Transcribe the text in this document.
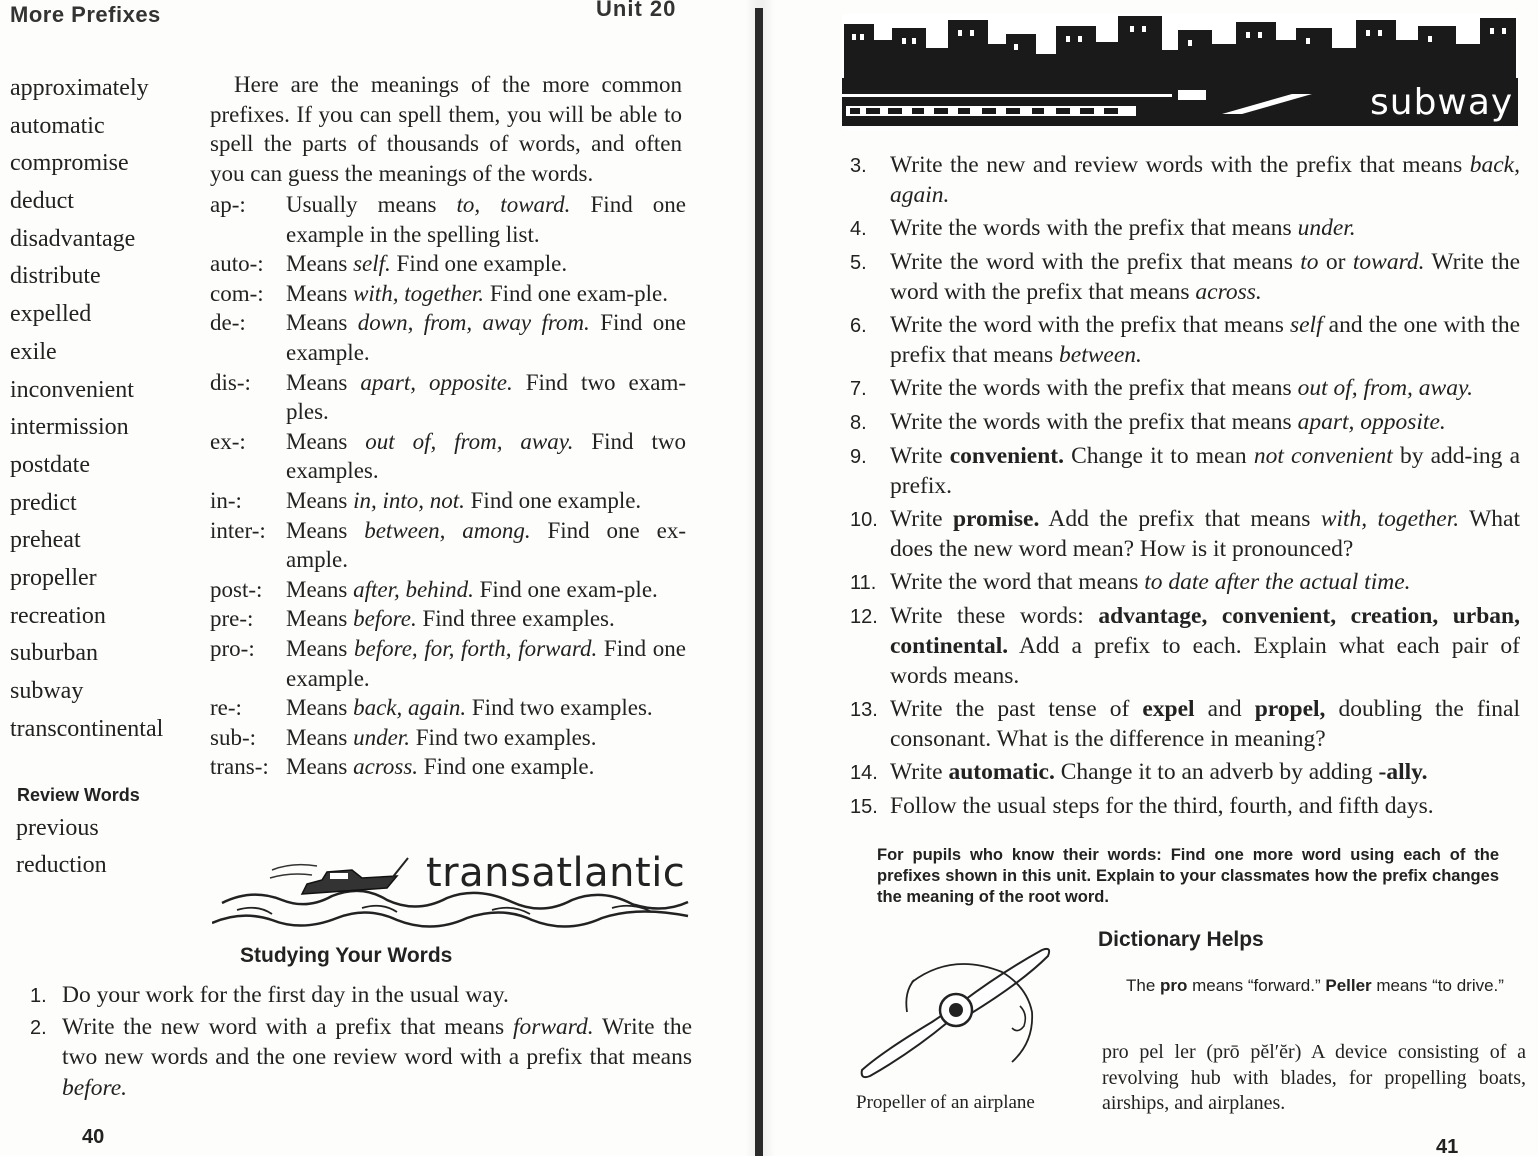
More Prefixes	Unit 20
approximately
automatic
compromise
deduct
disadvantage
distribute
expelled
exile
inconvenient
intermission
postdate
predict
preheat
propeller
recreation
suburban
subway
transcontinental
Review Words
previous
reduction
Here are the meanings of the more common prefixes. If you can spell them, you will be able to spell the parts of thousands of words, and often you can guess the meanings of the words.
ap-:	Usually means to, toward. Find one example in the spelling list.
auto-: Means self. Find one example.
com-: Means with, together. Find one exam-ple.
de-:	Means down, from, away from. Find one example.
dis-:	Means apart, opposite. Find two exam-ples.
ex-:	Means out of, from, away. Find two examples.
in-:	Means in, into, not. Find one example.
inter-: Means between, among. Find one ex-ample.
post-:	Means after, behind. Find one exam-ple.
pre-:	Means before. Find three examples.
pro-:	Means before, for, forth, forward. Find one example.
re-:	Means back, again. Find two examples.
sub-:	Means under. Find two examples.
trans-: Means across. Find one example.
transatlantic
Studying Your Words
1. Do your work for the first day in the usual way.
2. Write the new word with a prefix that means forward. Write the two new words and the one review word with a prefix that means before.
40
subway
3. Write the new and review words with the prefix that means back, again.
4. Write the words with the prefix that means under.
5. Write the word with the prefix that means to or toward. Write the word with the prefix that means across.
6. Write the word with the prefix that means self and the one with the prefix that means between.
7. Write the words with the prefix that means out of, from, away.
8. Write the words with the prefix that means apart, opposite.
9. Write convenient. Change it to mean not convenient by add-ing a prefix.
10. Write promise. Add the prefix that means with, together. What does the new word mean? How is it pronounced?
11. Write the word that means to date after the actual time.
12. Write these words: advantage, convenient, creation, urban, continental. Add a prefix to each. Explain what each pair of words means.
13. Write the past tense of expel and propel, doubling the final consonant. What is the difference in meaning?
14. Write automatic. Change it to an adverb by adding -ally.
15. Follow the usual steps for the third, fourth, and fifth days.
For pupils who know their words: Find one more word using each of the prefixes shown in this unit. Explain to your classmates how the prefix changes the meaning of the root word.
Dictionary Helps
The pro means “forward.” Peller means “to drive.”
pro pel ler (prō pĕl′ĕr) A device consisting of a revolving hub with blades, for propelling boats, airships, and airplanes.
Propeller of an airplane
41
